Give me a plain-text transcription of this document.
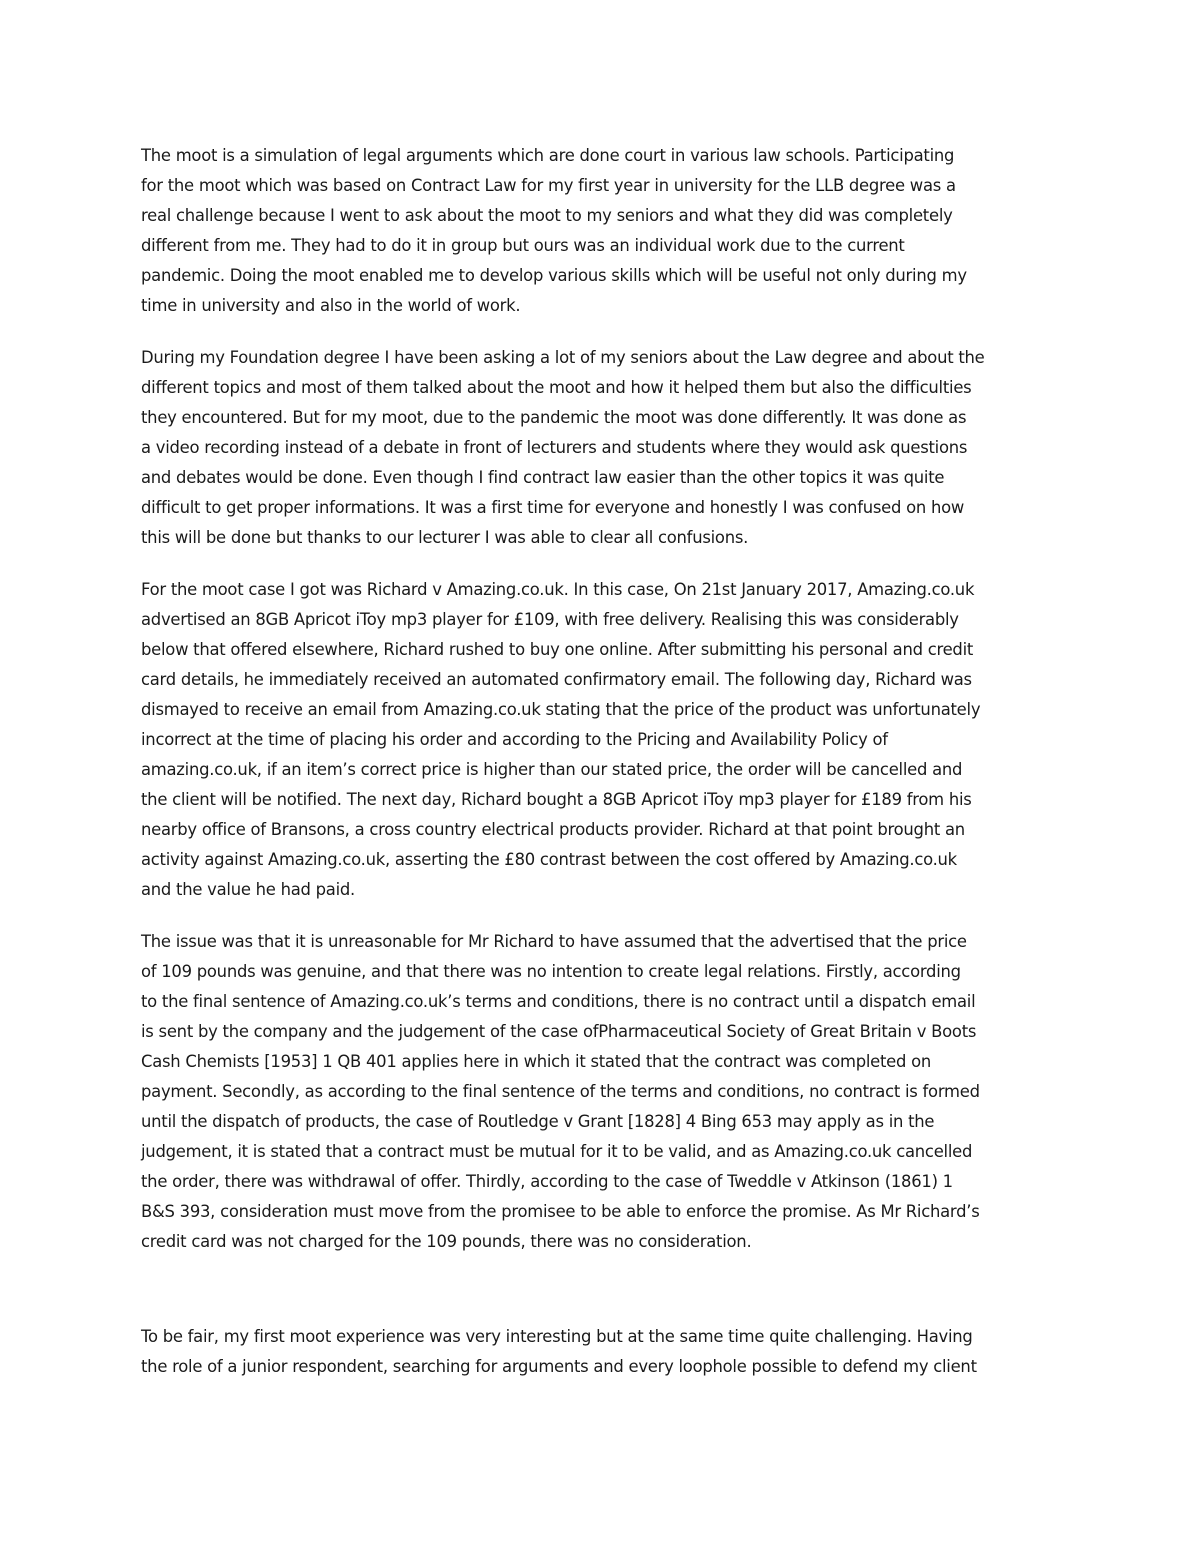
The moot is a simulation of legal arguments which are done court in various law schools. Participating
for the moot which was based on Contract Law for my first year in university for the LLB degree was a
real challenge because I went to ask about the moot to my seniors and what they did was completely
different from me. They had to do it in group but ours was an individual work due to the current
pandemic. Doing the moot enabled me to develop various skills which will be useful not only during my
time in university and also in the world of work.
During my Foundation degree I have been asking a lot of my seniors about the Law degree and about the
different topics and most of them talked about the moot and how it helped them but also the difficulties
they encountered. But for my moot, due to the pandemic the moot was done differently. It was done as
a video recording instead of a debate in front of lecturers and students where they would ask questions
and debates would be done. Even though I find contract law easier than the other topics it was quite
difficult to get proper informations. It was a first time for everyone and honestly I was confused on how
this will be done but thanks to our lecturer I was able to clear all confusions.
For the moot case I got was Richard v Amazing.co.uk. In this case, On 21st January 2017, Amazing.co.uk
advertised an 8GB Apricot iToy mp3 player for £109, with free delivery. Realising this was considerably
below that offered elsewhere, Richard rushed to buy one online. After submitting his personal and credit
card details, he immediately received an automated confirmatory email. The following day, Richard was
dismayed to receive an email from Amazing.co.uk stating that the price of the product was unfortunately
incorrect at the time of placing his order and according to the Pricing and Availability Policy of
amazing.co.uk, if an item’s correct price is higher than our stated price, the order will be cancelled and
the client will be notified. The next day, Richard bought a 8GB Apricot iToy mp3 player for £189 from his
nearby office of Bransons, a cross country electrical products provider. Richard at that point brought an
activity against Amazing.co.uk, asserting the £80 contrast between the cost offered by Amazing.co.uk
and the value he had paid.
The issue was that it is unreasonable for Mr Richard to have assumed that the advertised that the price
of 109 pounds was genuine, and that there was no intention to create legal relations. Firstly, according
to the final sentence of Amazing.co.uk’s terms and conditions, there is no contract until a dispatch email
is sent by the company and the judgement of the case ofPharmaceutical Society of Great Britain v Boots
Cash Chemists [1953] 1 QB 401 applies here in which it stated that the contract was completed on
payment. Secondly, as according to the final sentence of the terms and conditions, no contract is formed
until the dispatch of products, the case of Routledge v Grant [1828] 4 Bing 653 may apply as in the
judgement, it is stated that a contract must be mutual for it to be valid, and as Amazing.co.uk cancelled
the order, there was withdrawal of offer. Thirdly, according to the case of Tweddle v Atkinson (1861) 1
B&S 393, consideration must move from the promisee to be able to enforce the promise. As Mr Richard’s
credit card was not charged for the 109 pounds, there was no consideration.
To be fair, my first moot experience was very interesting but at the same time quite challenging. Having
the role of a junior respondent, searching for arguments and every loophole possible to defend my client
